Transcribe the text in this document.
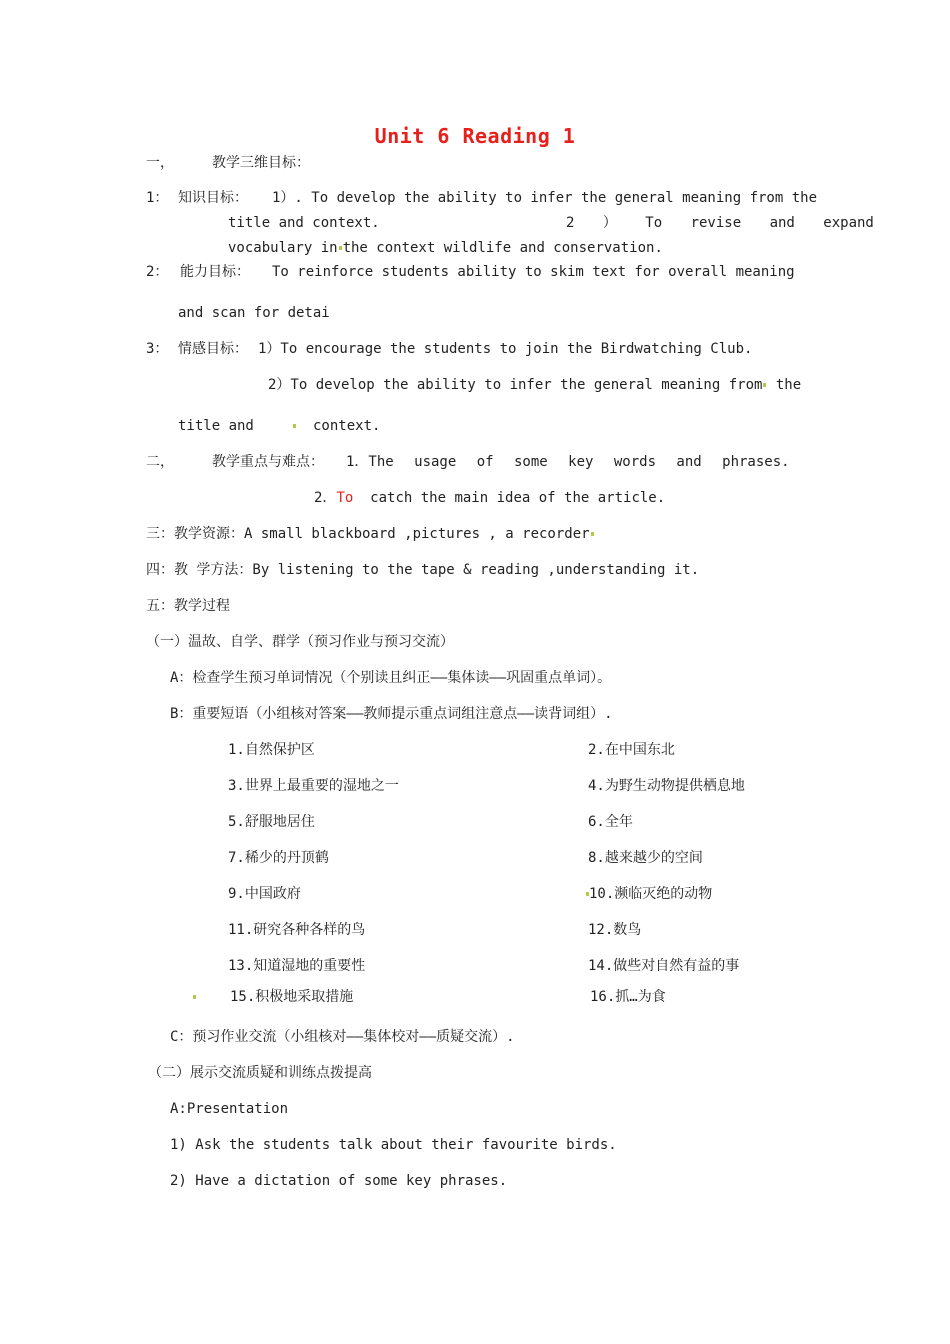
Unit 6 Reading 1
一，	教学三维目标：
1： 知识目标： 1）. To develop the ability to infer the general meaning from the
title and context.	2 ） To revise and expand
vocabulary in the context wildlife and conservation.
2： 能力目标： To reinforce students ability to skim text for overall meaning
and scan for detai
3： 情感目标： 1）To encourage the students to join the Birdwatching Club.
2）To develop the ability to infer the general meaning from the
title and	context.
二，	教学重点与难点： 1．The usage of some key words and phrases.
2．To catch the main idea of the article.
三：教学资源：A small blackboard ,pictures , a recorder
四：教 学方法：By listening to the tape & reading ,understanding it.
五：教学过程
（一）温故、自学、群学（预习作业与预习交流）
A：检查学生预习单词情况（个别读且纠正——集体读——巩固重点单词）。
B：重要短语（小组核对答案——教师提示重点词组注意点——读背词组）.
1.自然保护区	2.在中国东北
3.世界上最重要的湿地之一	4.为野生动物提供栖息地
5.舒服地居住	6.全年
7.稀少的丹顶鹤	8.越来越少的空间
9.中国政府	10.濒临灭绝的动物
11.研究各种各样的鸟	12.数鸟
13.知道湿地的重要性	14.做些对自然有益的事
15.积极地采取措施	16.抓…为食
C：预习作业交流（小组核对——集体校对——质疑交流）.
（二）展示交流质疑和训练点拨提高
A:Presentation
1) Ask the students talk about their favourite birds.
2) Have a dictation of some key phrases.
